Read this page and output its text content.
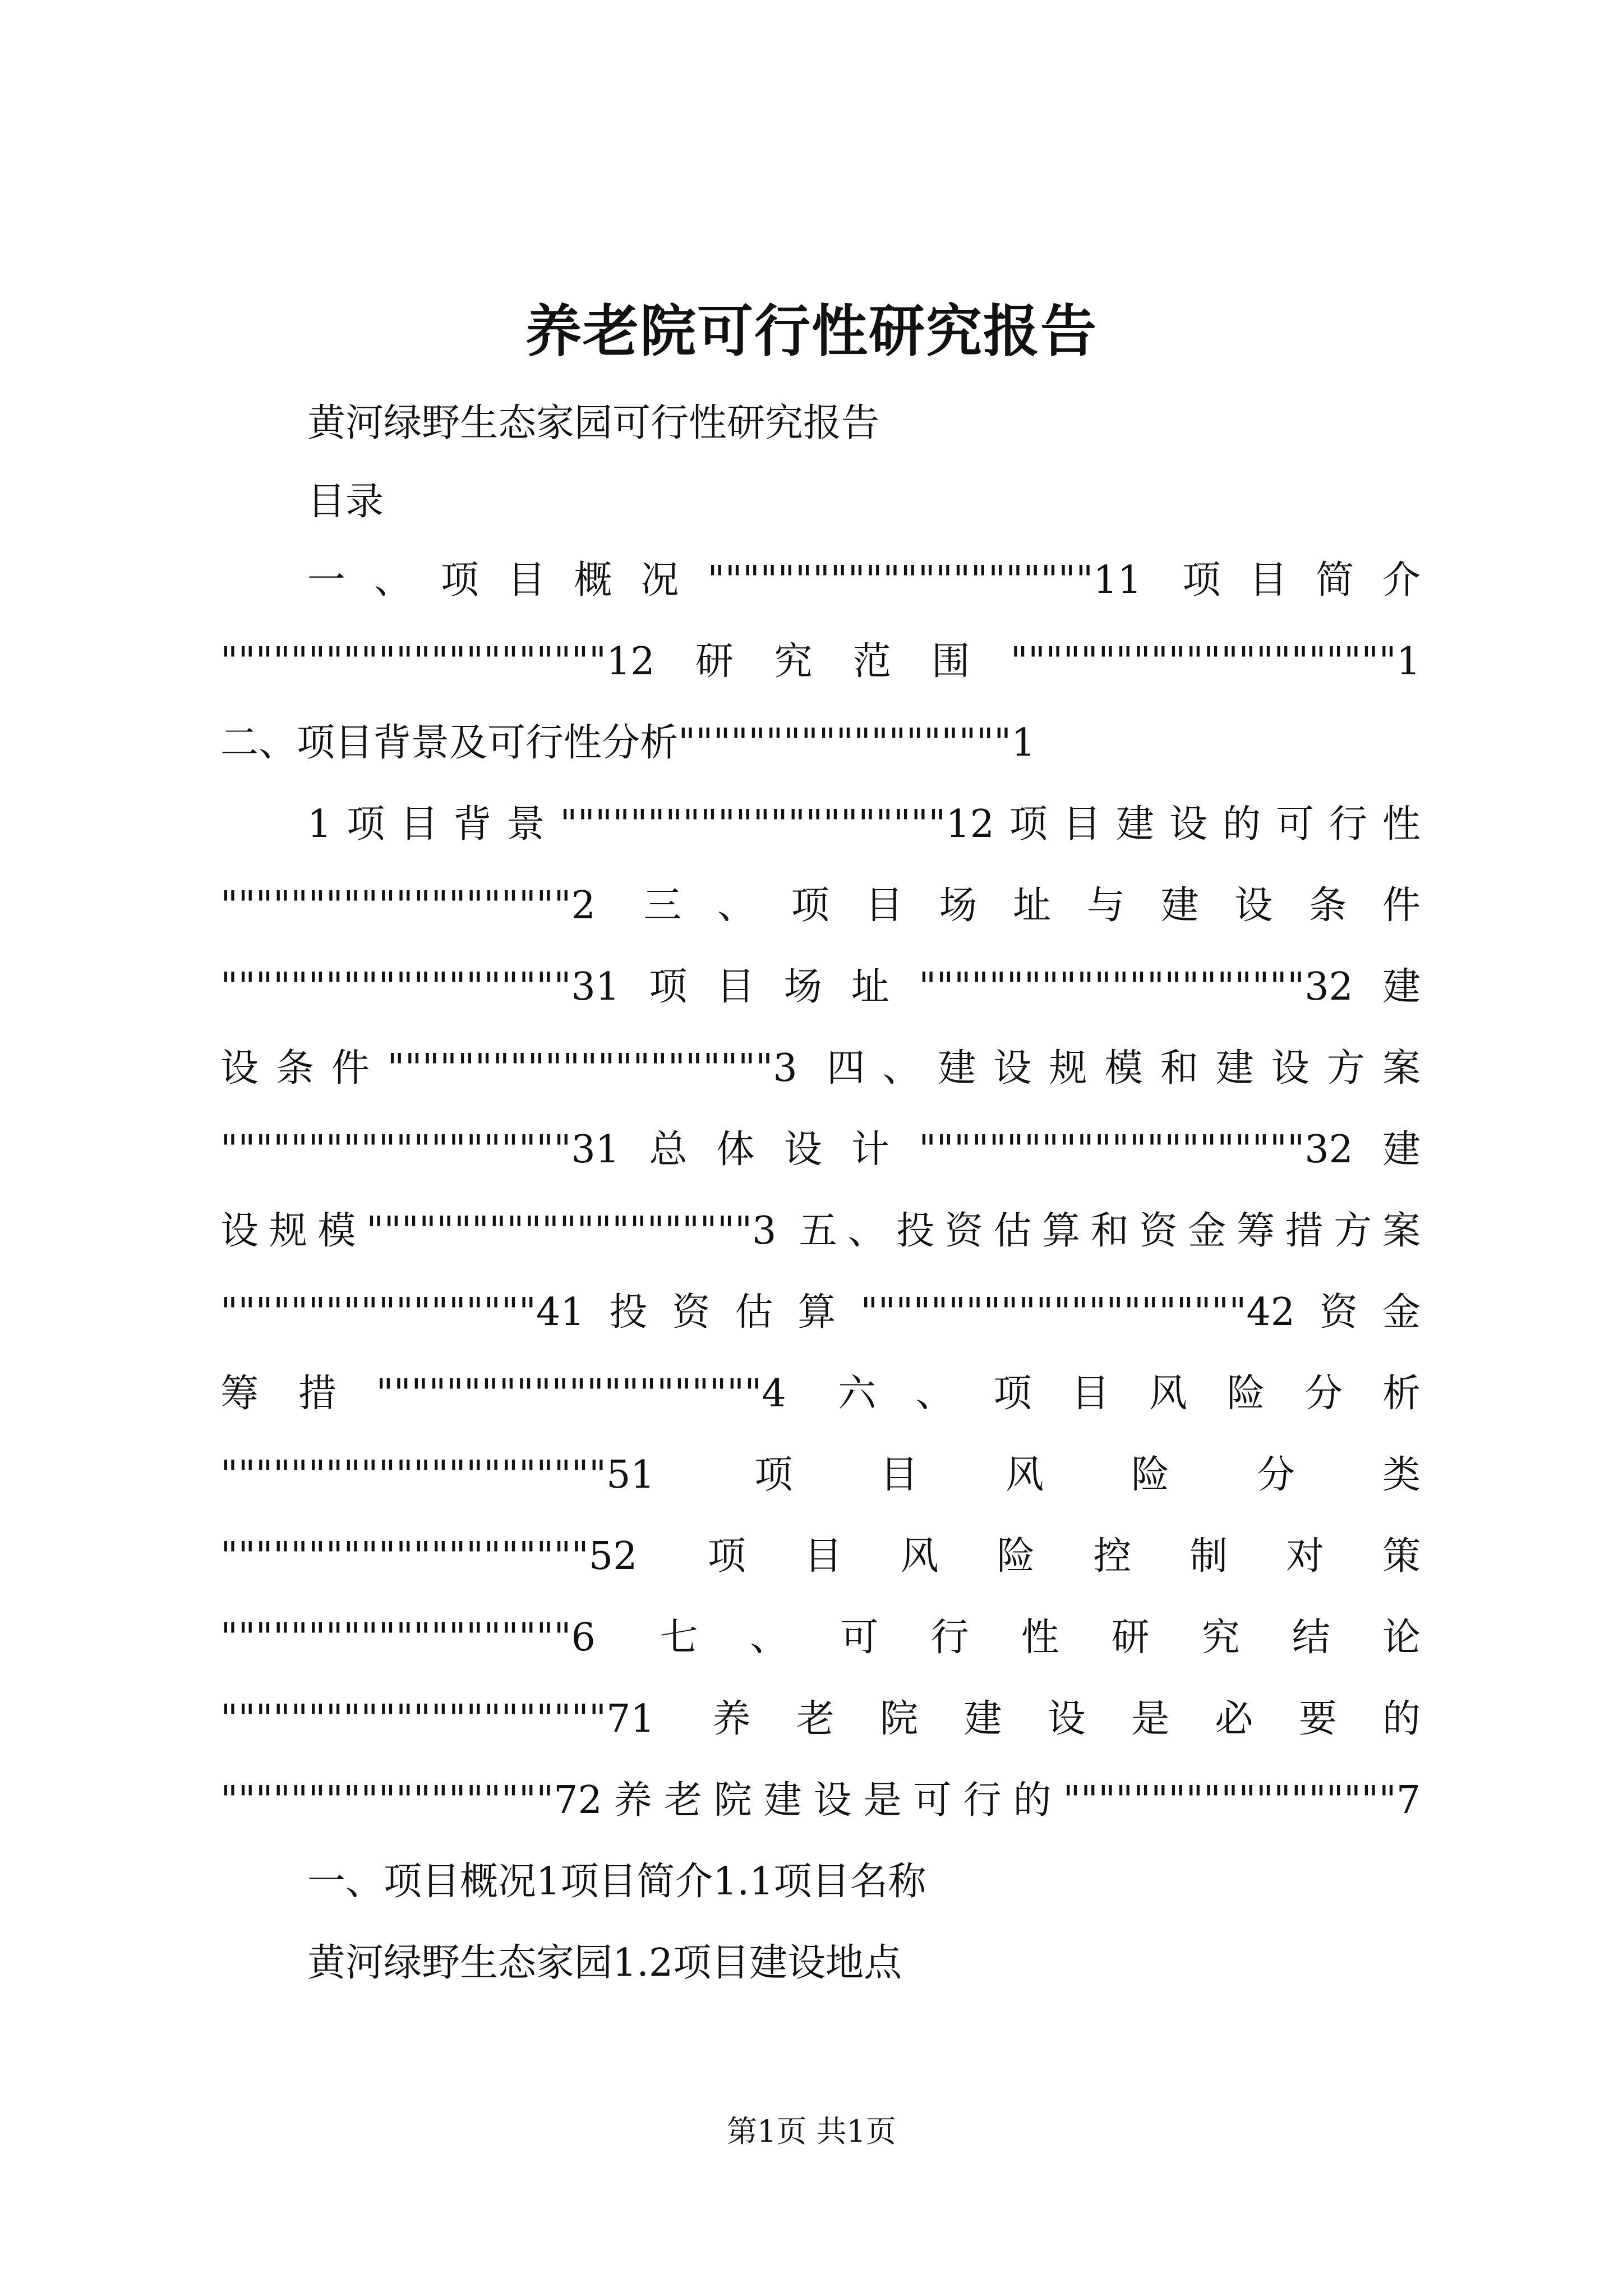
养老院可行性研究报告
黄河绿野生态家园可行性研究报告
目录
一、项目概况""""""""""""""""""""""11 项目简介
""""""""""""""""""""""12研究范围""""""""""""""""""""""1
二、项目背景及可行性分析"""""""""""""""""""1
1项目背景""""""""""""""""""""""12项目建设的可行性
""""""""""""""""""""2 三、项目场址与建设条件
""""""""""""""""""""31项目场址""""""""""""""""""""""32建
设条件""""""""""""""""""""""3 四、建设规模和建设方案
""""""""""""""""""""31总体设计""""""""""""""""""""""32建
设规模""""""""""""""""""""""3 五、投资估算和资金筹措方案
""""""""""""""""""41投资估算""""""""""""""""""""""42资金
筹措""""""""""""""""""""""4 六、项目风险分析
""""""""""""""""""""""51 项目风险分类
"""""""""""""""""""""52 项目风险控制对策
""""""""""""""""""""6 七、可行性研究结论
""""""""""""""""""""""71 养老院建设是必要的
"""""""""""""""""""72养老院建设是可行的"""""""""""""""""""7
一、项目概况1项目简介1.1项目名称
黄河绿野生态家园1.2项目建设地点
第1页 共1页
